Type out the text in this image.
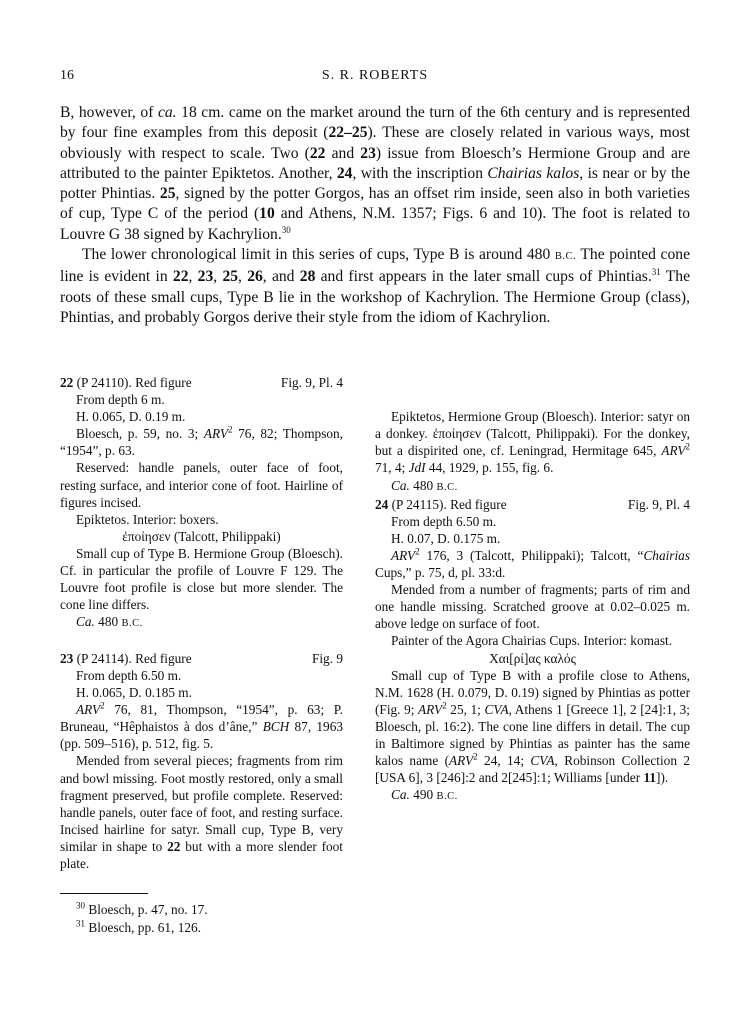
16	S. R. ROBERTS

B, however, of ca. 18 cm. came on the market around the turn of the 6th century and is represented by four fine examples from this deposit (22–25). These are closely related in various ways, most obviously with respect to scale. Two (22 and 23) issue from Bloesch’s Hermione Group and are attributed to the painter Epiktetos. Another, 24, with the inscription Chairias kalos, is near or by the potter Phintias. 25, signed by the potter Gorgos, has an offset rim inside, seen also in both varieties of cup, Type C of the period (10 and Athens, N.M. 1357; Figs. 6 and 10). The foot is related to Louvre G 38 signed by Kachrylion.$^{30}$

The lower chronological limit in this series of cups, Type B is around 480 B.C. The pointed cone line is evident in 22, 23, 25, 26, and 28 and first appears in the later small cups of Phintias.$^{31}$ The roots of these small cups, Type B lie in the workshop of Kachrylion. The Hermione Group (class), Phintias, and probably Gorgos derive their style from the idiom of Kachrylion.

22 (P 24110). Red figure	Fig. 9, Pl. 4

From depth 6 m.

H. 0.065, D. 0.19 m.

Bloesch, p. 59, no. 3; ARV$^2$ 76, 82; Thompson, “1954”, p. 63.

Reserved: handle panels, outer face of foot, resting surface, and interior cone of foot. Hairline of figures incised.

Epiktetos. Interior: boxers.

ἐποίησεν (Talcott, Philippaki)

Small cup of Type B. Hermione Group (Bloesch). Cf. in particular the profile of Louvre F 129. The Louvre foot profile is close but more slender. The cone line differs.

Ca. 480 B.C.

23 (P 24114). Red figure	Fig. 9

From depth 6.50 m.

H. 0.065, D. 0.185 m.

ARV$^2$ 76, 81, Thompson, “1954”, p. 63; P. Bruneau, “Hêphaistos à dos d’âne,” BCH 87, 1963 (pp. 509–516), p. 512, fig. 5.

Mended from several pieces; fragments from rim and bowl missing. Foot mostly restored, only a small fragment preserved, but profile complete. Reserved: handle panels, outer face of foot, and resting surface. Incised hairline for satyr. Small cup, Type B, very similar in shape to 22 but with a more slender foot plate.

Epiktetos, Hermione Group (Bloesch). Interior: satyr on a donkey. ἐποίησεν (Talcott, Philippaki). For the donkey, but a dispirited one, cf. Leningrad, Hermitage 645, ARV$^2$ 71, 4; JdI 44, 1929, p. 155, fig. 6.

Ca. 480 B.C.

24 (P 24115). Red figure	Fig. 9, Pl. 4

From depth 6.50 m.

H. 0.07, D. 0.175 m.

ARV$^2$ 176, 3 (Talcott, Philippaki); Talcott, “Chairias Cups,” p. 75, d, pl. 33:d.

Mended from a number of fragments; parts of rim and one handle missing. Scratched groove at 0.02–0.025 m. above ledge on surface of foot.

Painter of the Agora Chairias Cups. Interior: komast.

Χαι[ρί]ας καλός

Small cup of Type B with a profile close to Athens, N.M. 1628 (H. 0.079, D. 0.19) signed by Phintias as potter (Fig. 9; ARV$^2$ 25, 1; CVA, Athens 1 [Greece 1], 2 [24]:1, 3; Bloesch, pl. 16:2). The cone line differs in detail. The cup in Baltimore signed by Phintias as painter has the same kalos name (ARV$^2$ 24, 14; CVA, Robinson Collection 2 [USA 6], 3 [246]:2 and 2[245]:1; Williams [under 11]).

Ca. 490 B.C.

$^{30}$ Bloesch, p. 47, no. 17.

$^{31}$ Bloesch, pp. 61, 126.
